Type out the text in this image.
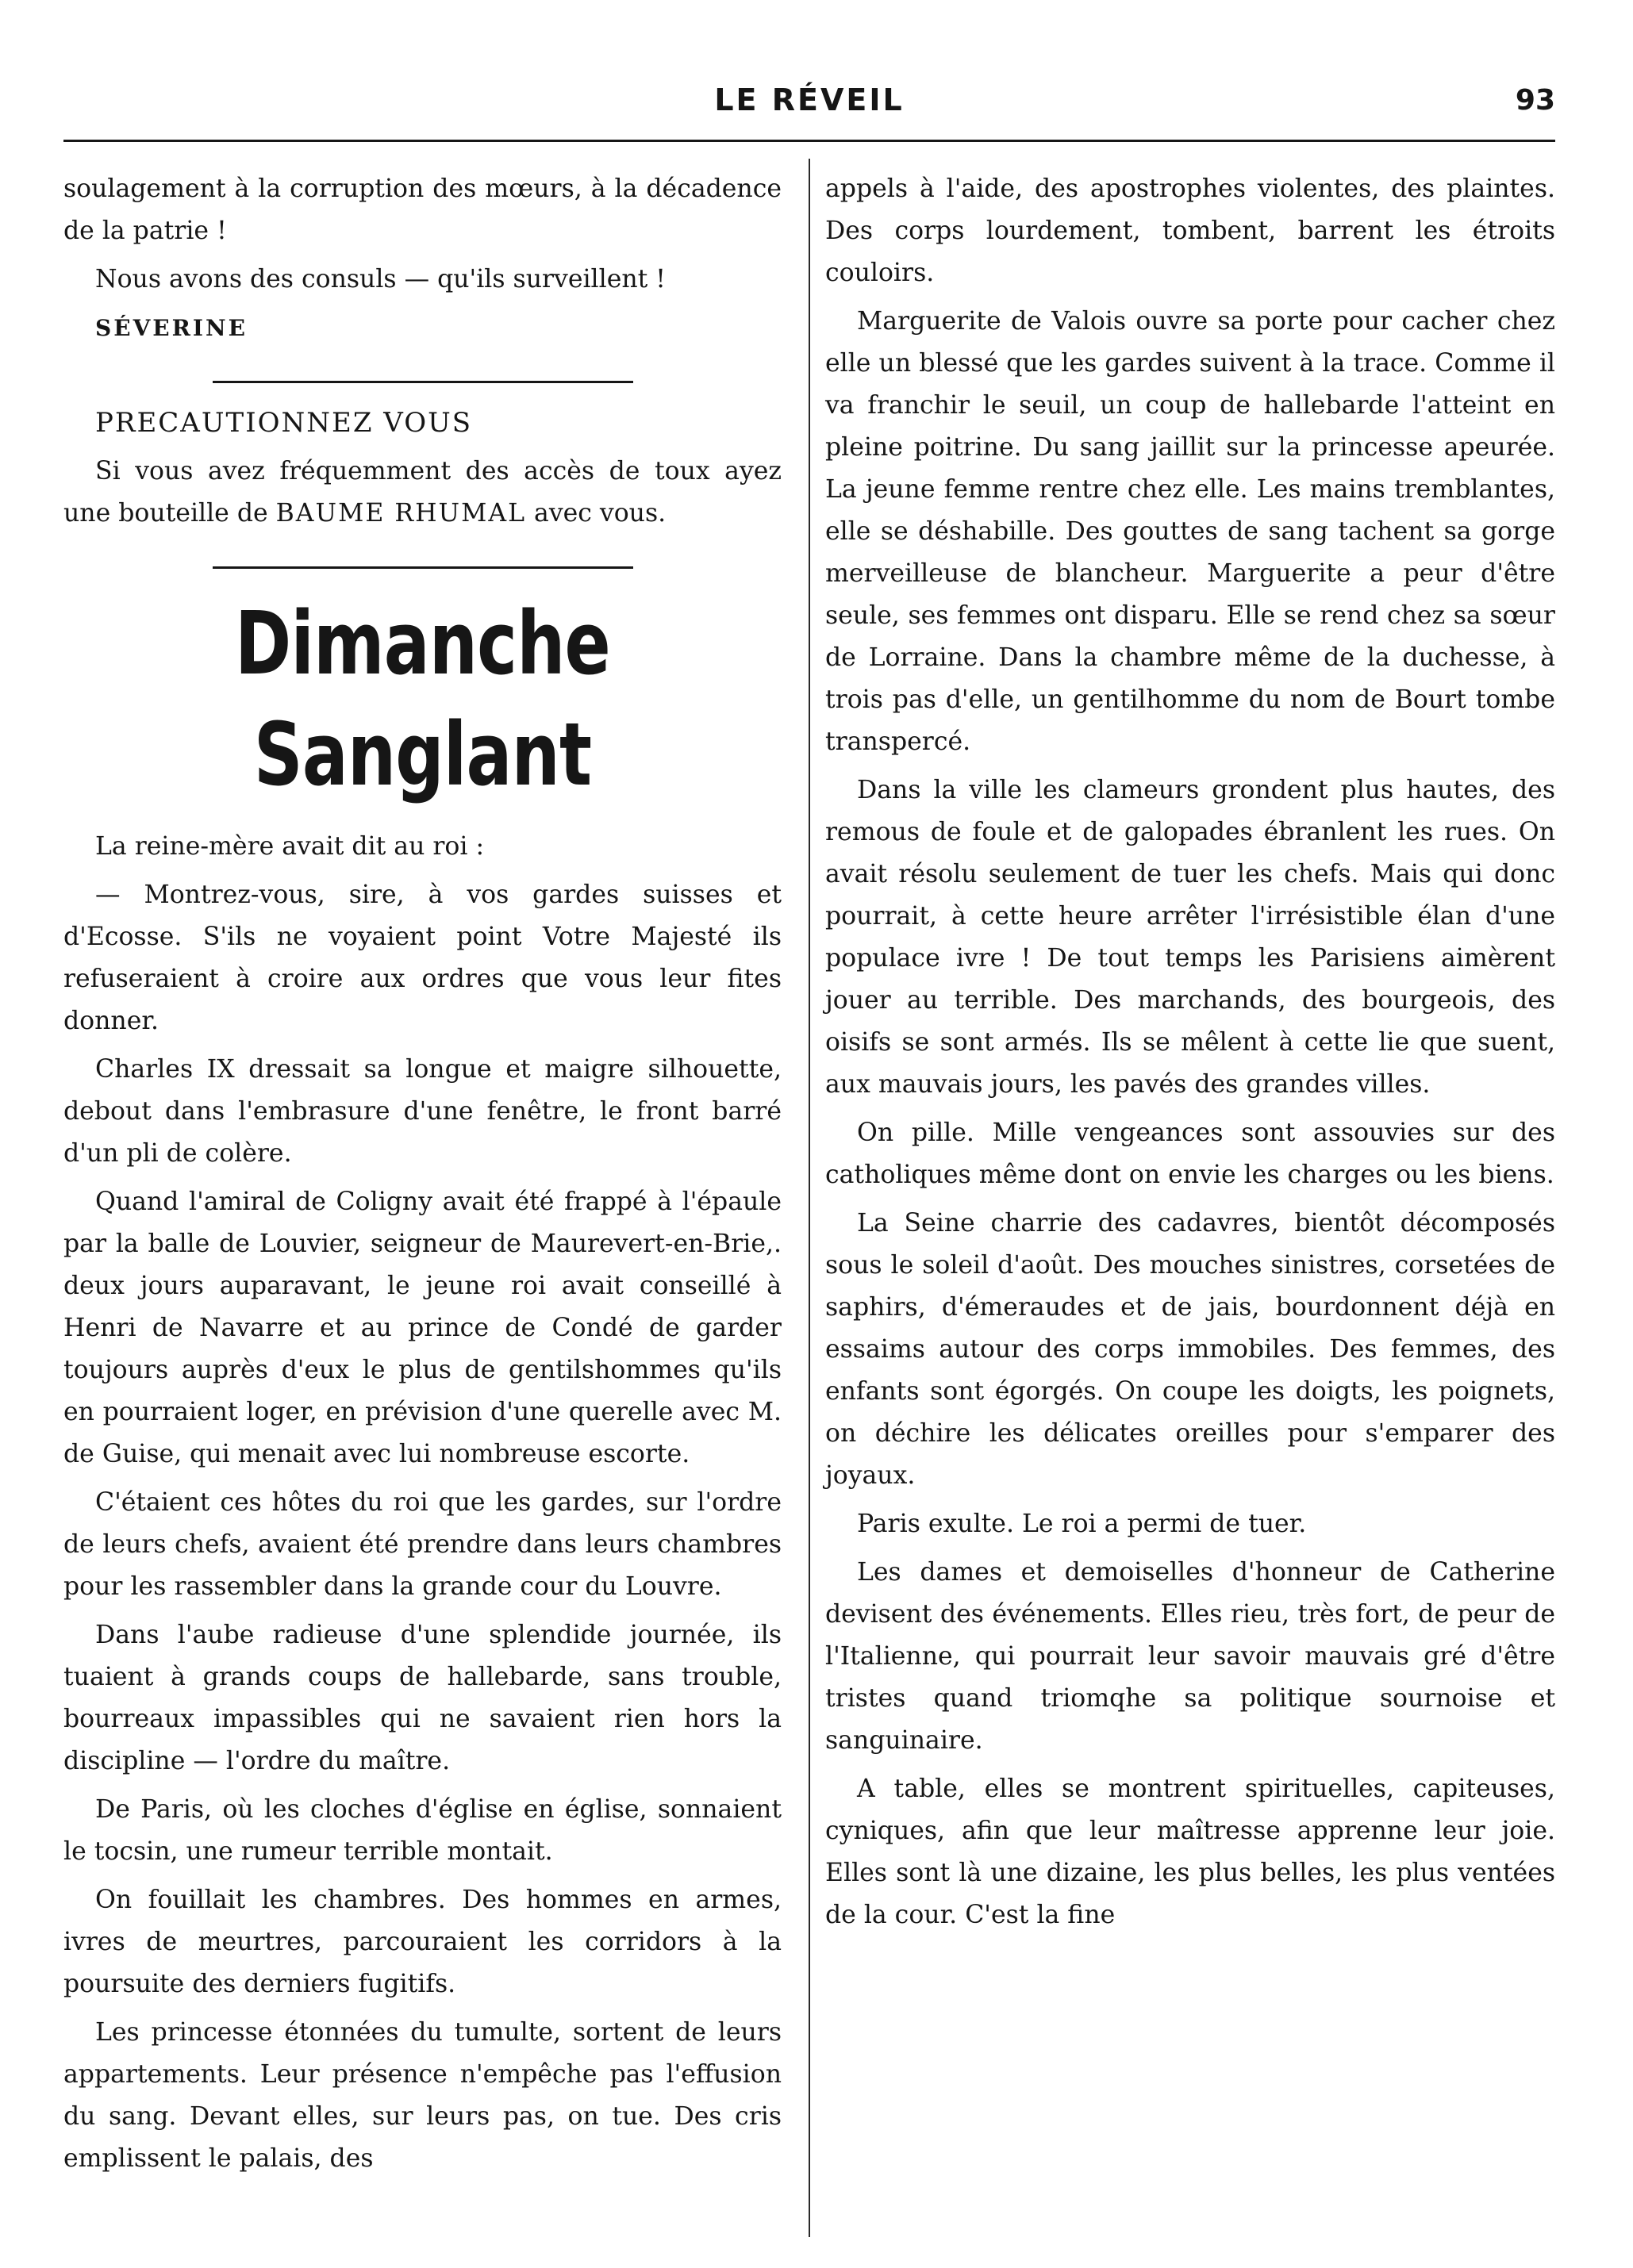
LE RÉVEIL	93

soulagement à la corruption des mœurs, à la décadence de la patrie !

Nous avons des consuls — qu'ils surveillent !

SÉVERINE

PRECAUTIONNEZ VOUS

Si vous avez fréquemment des accès de toux ayez une bouteille de BAUME RHUMAL avec vous.

Dimanche Sanglant

La reine-mère avait dit au roi :

— Montrez-vous, sire, à vos gardes suisses et d'Ecosse. S'ils ne voyaient point Votre Majesté ils refuseraient à croire aux ordres que vous leur fites donner.

Charles IX dressait sa longue et maigre silhouette, debout dans l'embrasure d'une fenêtre, le front barré d'un pli de colère.

Quand l'amiral de Coligny avait été frappé à l'épaule par la balle de Louvier, seigneur de Maurevert-en-Brie,. deux jours auparavant, le jeune roi avait conseillé à Henri de Navarre et au prince de Condé de garder toujours auprès d'eux le plus de gentilshommes qu'ils en pourraient loger, en prévision d'une querelle avec M. de Guise, qui menait avec lui nombreuse escorte.

C'étaient ces hôtes du roi que les gardes, sur l'ordre de leurs chefs, avaient été prendre dans leurs chambres pour les rassembler dans la grande cour du Louvre.

Dans l'aube radieuse d'une splendide journée, ils tuaient à grands coups de hallebarde, sans trouble, bourreaux impassibles qui ne savaient rien hors la discipline — l'ordre du maître.

De Paris, où les cloches d'église en église, sonnaient le tocsin, une rumeur terrible montait.

On fouillait les chambres. Des hommes en armes, ivres de meurtres, parcouraient les corridors à la poursuite des derniers fugitifs.

Les princesse étonnées du tumulte, sortent de leurs appartements. Leur présence n'empêche pas l'effusion du sang. Devant elles, sur leurs pas, on tue. Des cris emplissent le palais, des

appels à l'aide, des apostrophes violentes, des plaintes. Des corps lourdement, tombent, barrent les étroits couloirs.

Marguerite de Valois ouvre sa porte pour cacher chez elle un blessé que les gardes suivent à la trace. Comme il va franchir le seuil, un coup de hallebarde l'atteint en pleine poitrine. Du sang jaillit sur la princesse apeurée. La jeune femme rentre chez elle. Les mains tremblantes, elle se déshabille. Des gouttes de sang tachent sa gorge merveilleuse de blancheur. Marguerite a peur d'être seule, ses femmes ont disparu. Elle se rend chez sa sœur de Lorraine. Dans la chambre même de la duchesse, à trois pas d'elle, un gentilhomme du nom de Bourt tombe transpercé.

Dans la ville les clameurs grondent plus hautes, des remous de foule et de galopades ébranlent les rues. On avait résolu seulement de tuer les chefs. Mais qui donc pourrait, à cette heure arrêter l'irrésistible élan d'une populace ivre ! De tout temps les Parisiens aimèrent jouer au terrible. Des marchands, des bourgeois, des oisifs se sont armés. Ils se mêlent à cette lie que suent, aux mauvais jours, les pavés des grandes villes.

On pille. Mille vengeances sont assouvies sur des catholiques même dont on envie les charges ou les biens.

La Seine charrie des cadavres, bientôt décomposés sous le soleil d'août. Des mouches sinistres, corsetées de saphirs, d'émeraudes et de jais, bourdonnent déjà en essaims autour des corps immobiles. Des femmes, des enfants sont égorgés. On coupe les doigts, les poignets, on déchire les délicates oreilles pour s'emparer des joyaux.

Paris exulte. Le roi a permi de tuer.

Les dames et demoiselles d'honneur de Catherine devisent des événements. Elles rieu, très fort, de peur de l'Italienne, qui pourrait leur savoir mauvais gré d'être tristes quand triomqhe sa politique sournoise et sanguinaire.

A table, elles se montrent spirituelles, capiteuses, cyniques, afin que leur maîtresse apprenne leur joie. Elles sont là une dizaine, les plus belles, les plus ventées de la cour. C'est la fine
